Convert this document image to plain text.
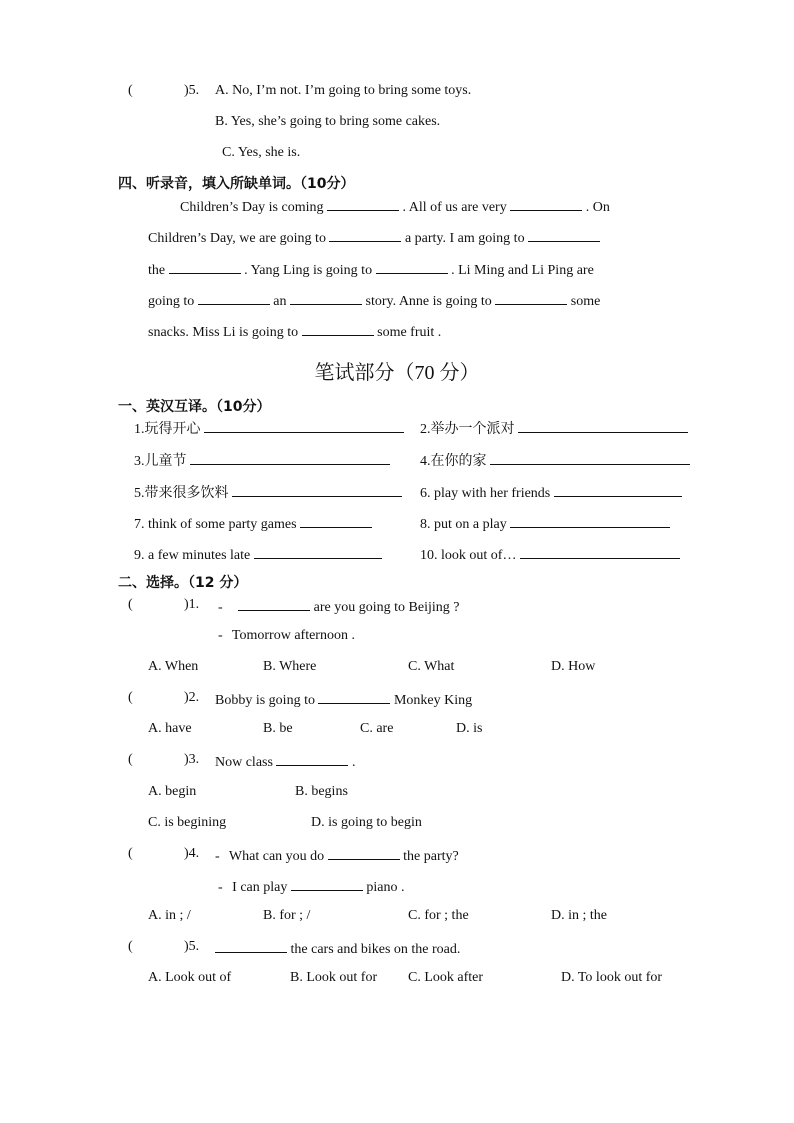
(	)5. A. No, I’m not. I’m going to bring some toys.
B. Yes, she’s going to bring some cakes.
C. Yes, she is.
四、听录音，填入所缺单词。（10分）
Children’s Day is coming	. All of us are very	. On
Children’s Day, we are going to	a party. I am going to
the	. Yang Ling is going to	. Li Ming and Li Ping are
going to	an	story. Anne is going to	some
snacks. Miss Li is going to	some fruit .
笔试部分（70 分）
一、英汉互译。（10分）
1.玩得开心	2.举办一个派对
3.儿童节	4.在你的家
5.带来很多饮料	6. play with her friends
7. think of some party games	8. put on a play
9. a few minutes late	10. look out of…
二、选择。（12 分）
(	)1. -	are you going to Beijing ?
- Tomorrow afternoon .
A. When	B. Where	C. What	D. How
(	)2. Bobby is going to	Monkey King
A. have	B. be	C. are	D. is
(	)3. Now class	.
A. begin	B. begins
C. is begining	D. is going to begin
(	)4. - What can you do	the party?
- I can play	piano .
A. in ; /	B. for ; /	C. for ; the	D. in ; the
(	)5.	the cars and bikes on the road.
A. Look out of	B. Look out for C. Look after	D. To look out for
